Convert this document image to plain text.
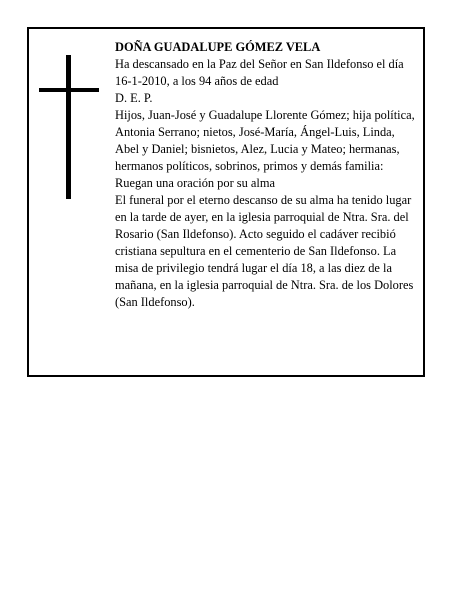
DOÑA GUADALUPE GÓMEZ VELA

Ha descansado en la Paz del Señor en San Ildefonso el día 16-1-2010, a los 94 años de edad

D. E. P.

Hijos, Juan-José y Guadalupe Llorente Gómez; hija política, Antonia Serrano; nietos, José-María, Ángel-Luis, Linda, Abel y Daniel; bisnietos, Alez, Lucia y Mateo; hermanas, hermanos políticos, sobrinos, primos y demás familia:

Ruegan una oración por su alma

El funeral por el eterno descanso de su alma ha tenido lugar en la tarde de ayer, en la iglesia parroquial de Ntra. Sra. del Rosario (San Ildefonso). Acto seguido el cadáver recibió cristiana sepultura en el cementerio de San Ildefonso. La misa de privilegio tendrá lugar el día 18, a las diez de la mañana, en la iglesia parroquial de Ntra. Sra. de los Dolores (San Ildefonso).
